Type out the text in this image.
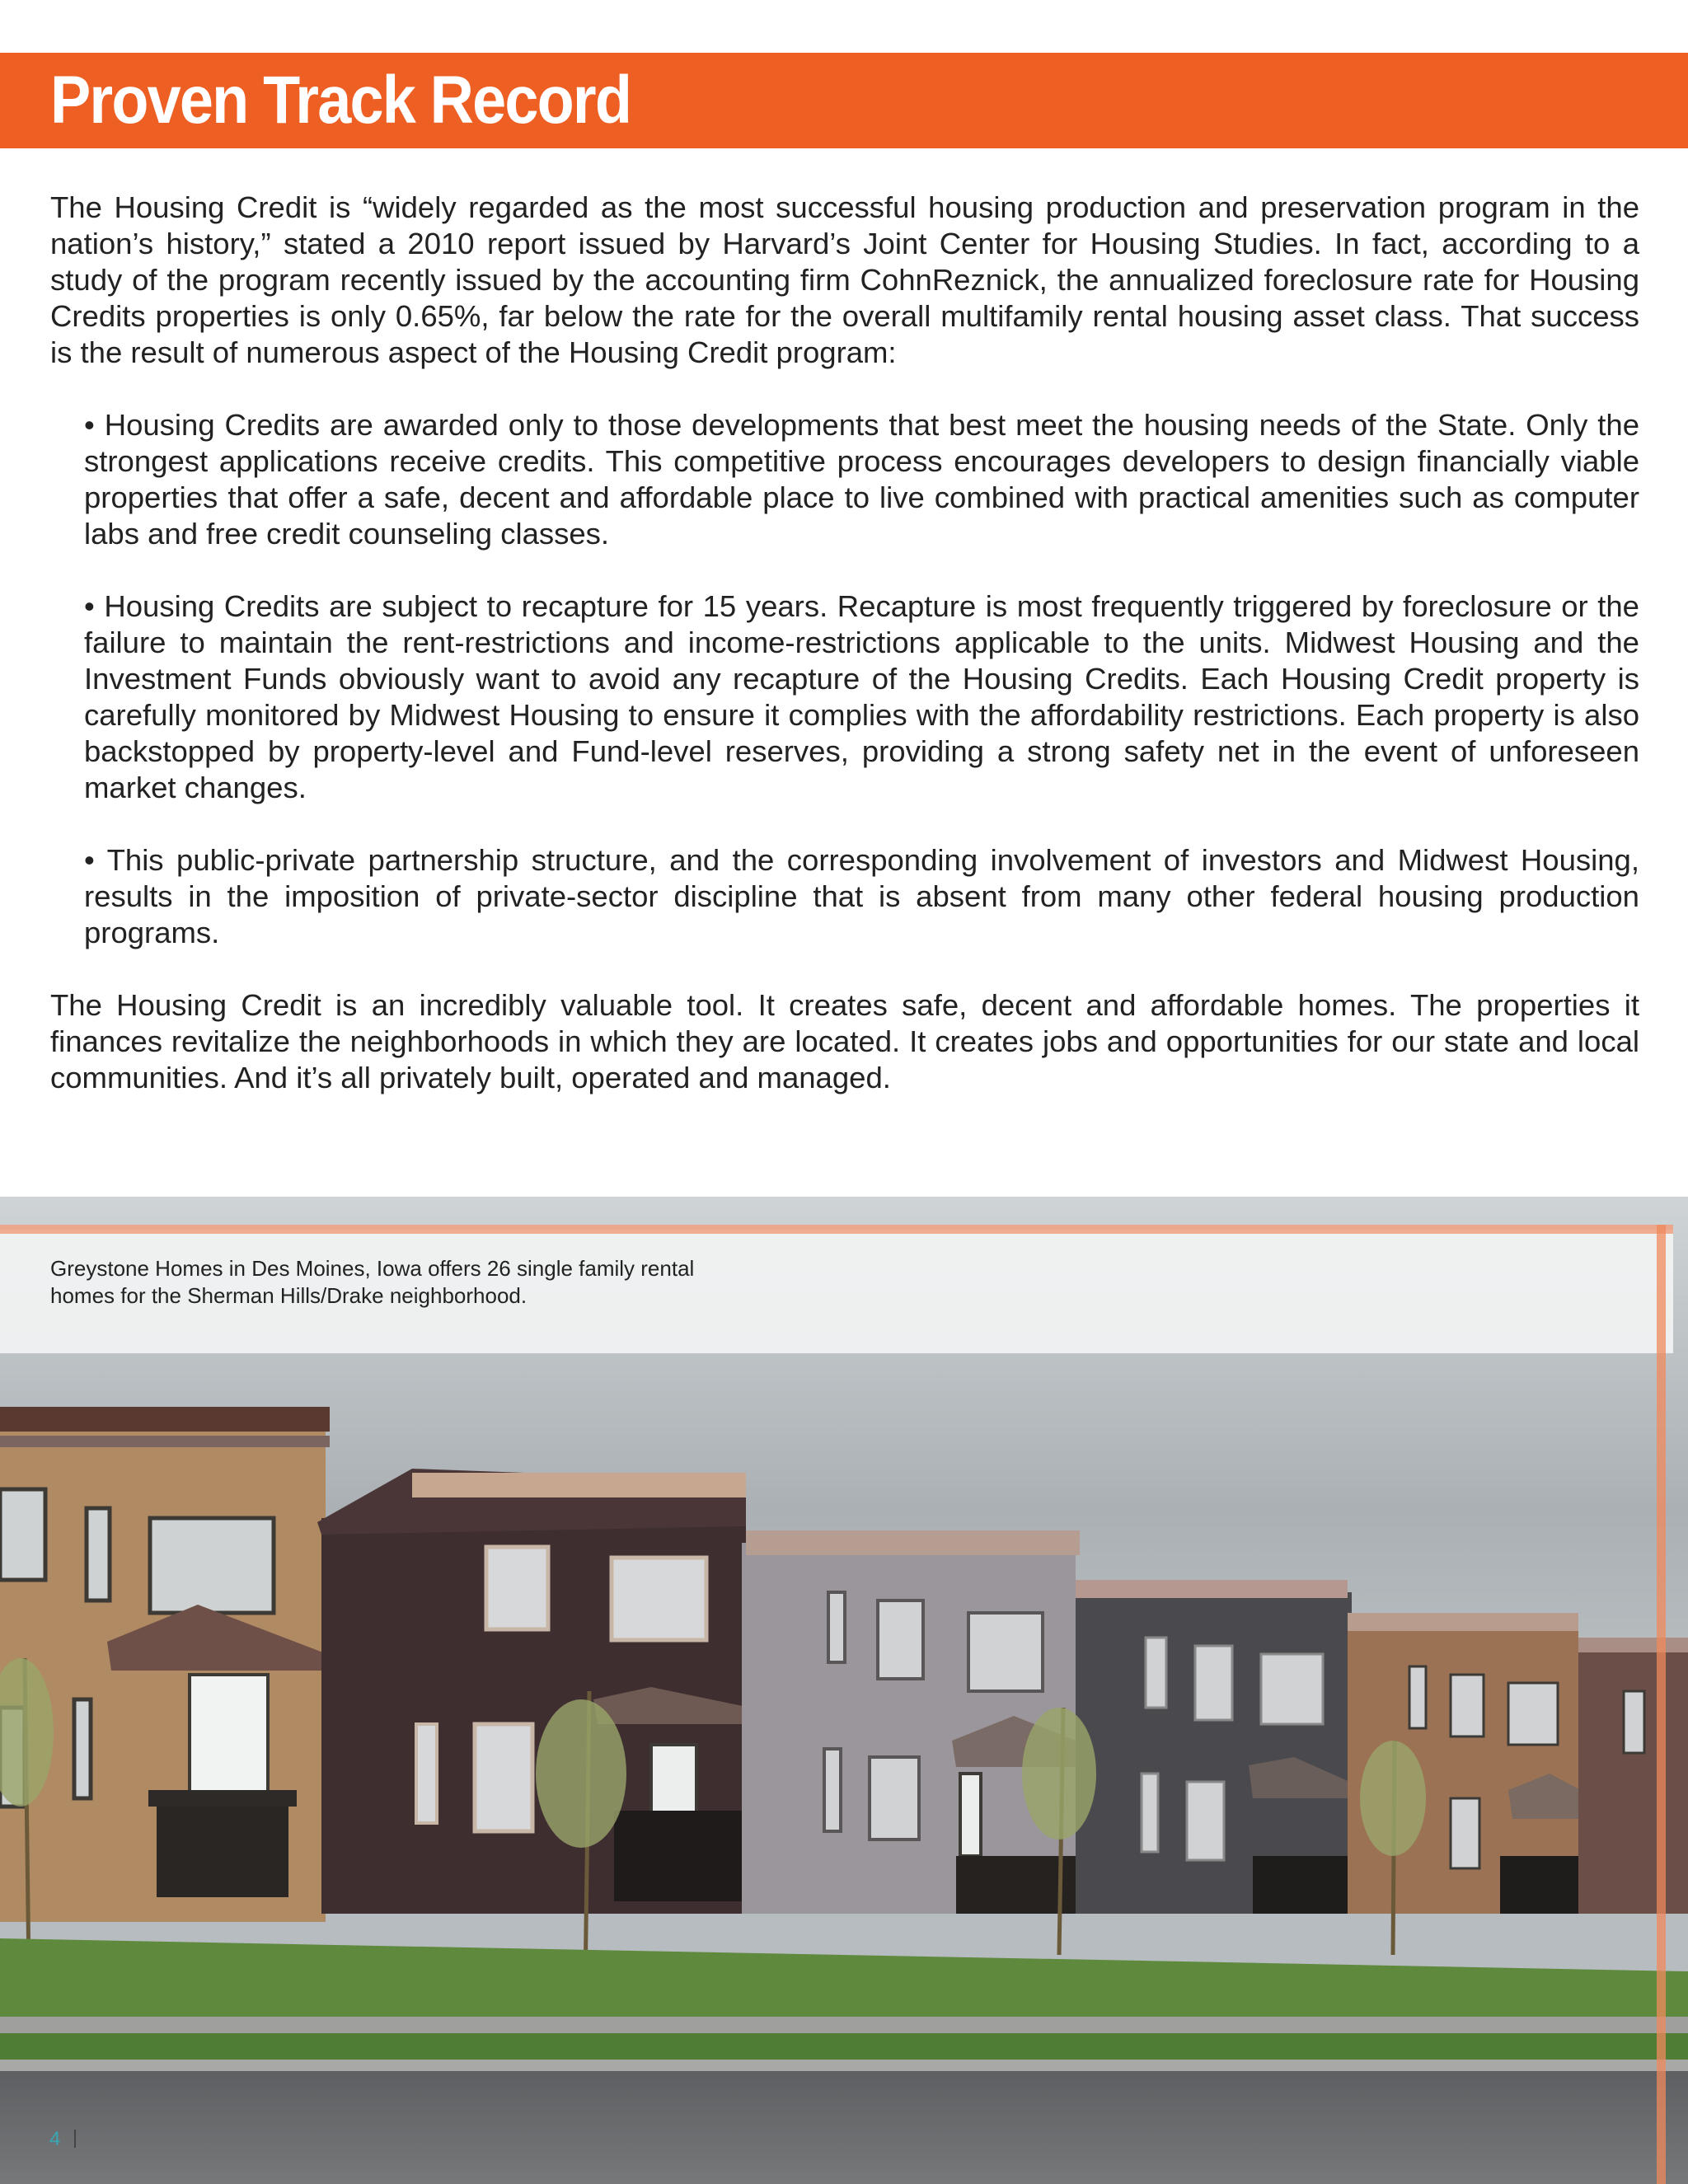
Proven Track Record

The Housing Credit is “widely regarded as the most successful housing production and preservation program in the nation’s history,” stated a 2010 report issued by Harvard’s Joint Center for Housing Studies. In fact, according to a study of the program recently issued by the accounting firm CohnReznick, the annualized foreclosure rate for Housing Credits properties is only 0.65%, far below the rate for the overall multifamily rental housing asset class. That success is the result of numerous aspect of the Housing Credit program:

• Housing Credits are awarded only to those developments that best meet the housing needs of the State. Only the strongest applications receive credits. This competitive process encourages developers to design financially viable properties that offer a safe, decent and affordable place to live combined with practical amenities such as computer labs and free credit counseling classes.
• Housing Credits are subject to recapture for 15 years. Recapture is most frequently triggered by foreclosure or the failure to maintain the rent-restrictions and income-restrictions applicable to the units. Midwest Housing and the Investment Funds obviously want to avoid any recapture of the Housing Credits. Each Housing Credit property is carefully monitored by Midwest Housing to ensure it complies with the affordability restrictions. Each property is also backstopped by property-level and Fund-level reserves, providing a strong safety net in the event of unforeseen market changes.
• This public-private partnership structure, and the corresponding involvement of investors and Midwest Housing, results in the imposition of private-sector discipline that is absent from many other federal housing production programs.

The Housing Credit is an incredibly valuable tool. It creates safe, decent and affordable homes. The properties it finances revitalize the neighborhoods in which they are located. It creates jobs and opportunities for our state and local communities. And it’s all privately built, operated and managed.

Greystone Homes in Des Moines, Iowa offers 26 single family rental
homes for the Sherman Hills/Drake neighborhood.
4
